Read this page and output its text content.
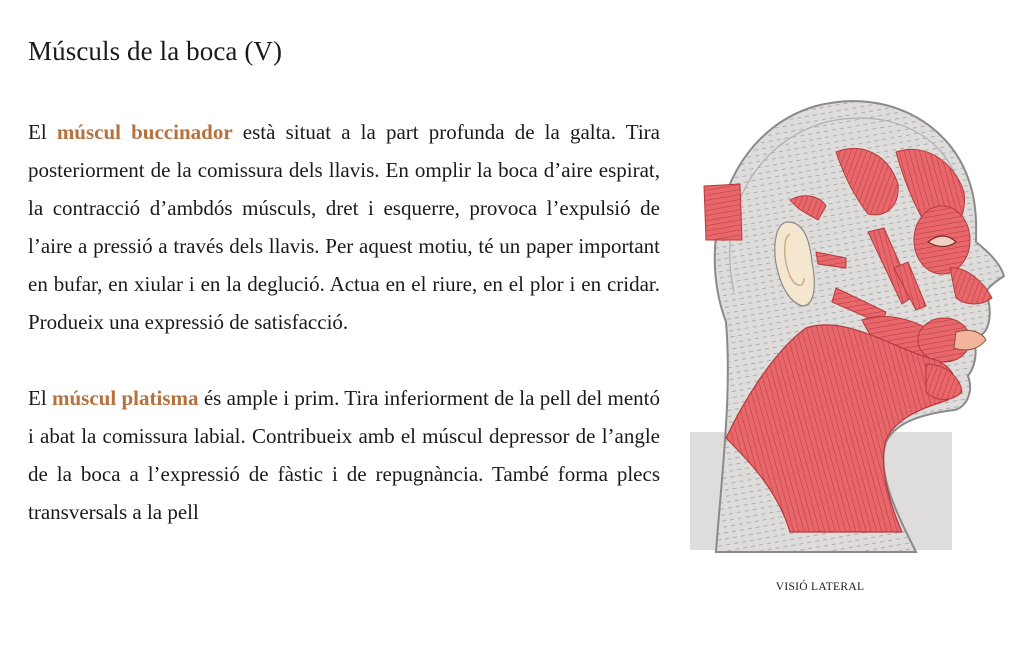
Músculs de la boca (V)

El múscul buccinador està situat a la part profunda de la galta. Tira posteriorment de la comissura dels llavis. En omplir la boca d’aire espirat, la contracció d’ambdós músculs, dret i esquerre, provoca l’expulsió de l’aire a pressió a través dels llavis. Per aquest motiu, té un paper important en bufar, en xiular i en la deglució. Actua en el riure, en el plor i en cridar. Produeix una expressió de satisfacció.

El múscul platisma és ample i prim. Tira inferiorment de la pell del mentó i abat la comissura labial. Contribueix amb el múscul depressor de l’angle de la boca a l’expressió de fàstic i de repugnància. També forma plecs transversals a la pell

VISIÓ LATERAL
